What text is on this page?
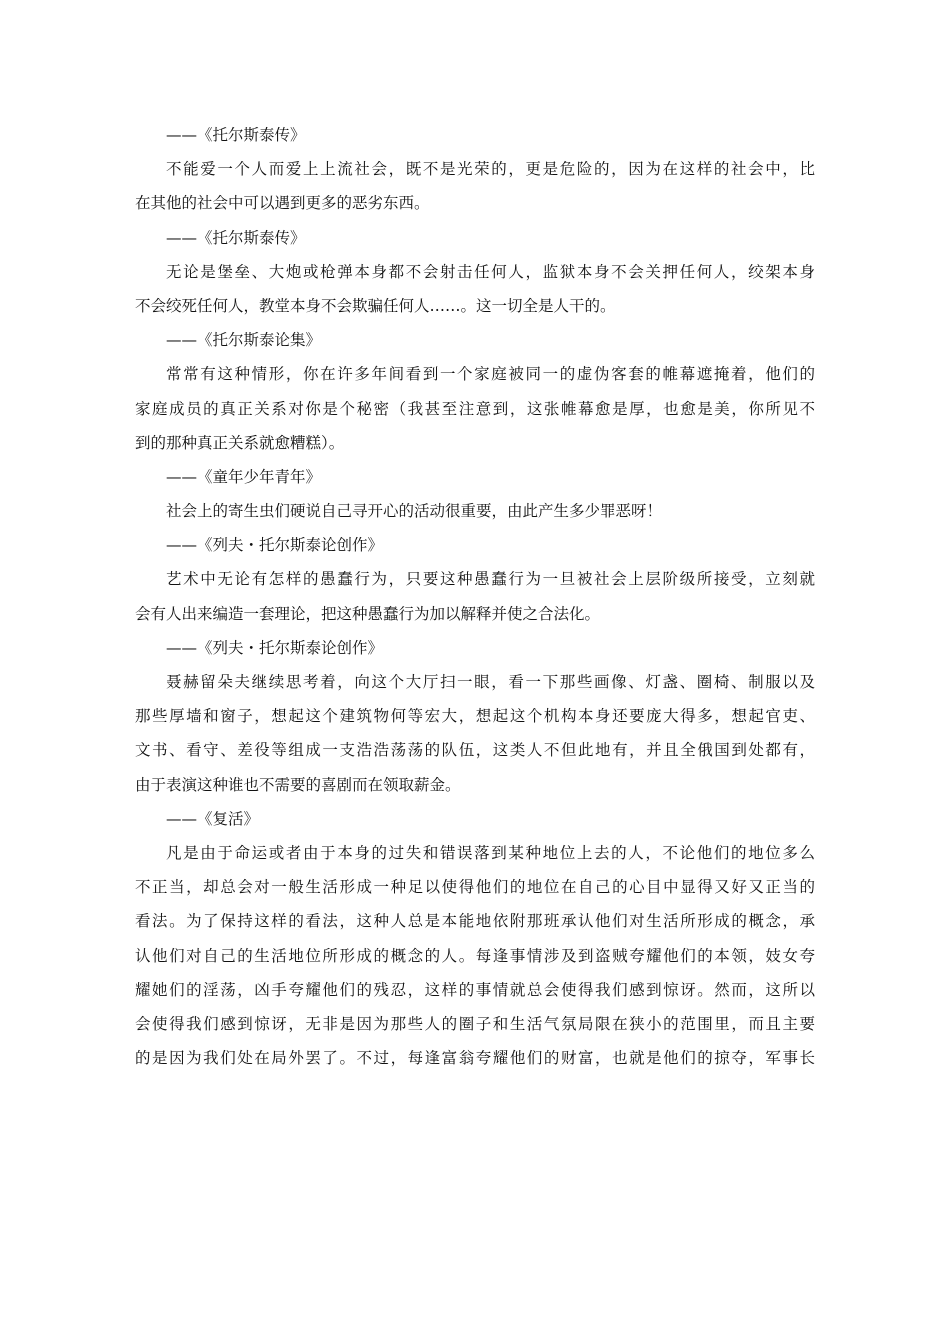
——《托尔斯泰传》
不能爱一个人而爱上上流社会，既不是光荣的，更是危险的，因为在这样的社会中，比
在其他的社会中可以遇到更多的恶劣东西。
——《托尔斯泰传》
无论是堡垒、大炮或枪弹本身都不会射击任何人，监狱本身不会关押任何人，绞架本身
不会绞死任何人，教堂本身不会欺骗任何人……。这一切全是人干的。
——《托尔斯泰论集》
常常有这种情形，你在许多年间看到一个家庭被同一的虚伪客套的帷幕遮掩着，他们的
家庭成员的真正关系对你是个秘密（我甚至注意到，这张帷幕愈是厚，也愈是美，你所见不
到的那种真正关系就愈糟糕）。
——《童年少年青年》
社会上的寄生虫们硬说自己寻开心的活动很重要，由此产生多少罪恶呀！
——《列夫・托尔斯泰论创作》
艺术中无论有怎样的愚蠢行为，只要这种愚蠢行为一旦被社会上层阶级所接受，立刻就
会有人出来编造一套理论，把这种愚蠢行为加以解释并使之合法化。
——《列夫・托尔斯泰论创作》
聂赫留朵夫继续思考着，向这个大厅扫一眼，看一下那些画像、灯盏、圈椅、制服以及
那些厚墙和窗子，想起这个建筑物何等宏大，想起这个机构本身还要庞大得多，想起官吏、
文书、看守、差役等组成一支浩浩荡荡的队伍，这类人不但此地有，并且全俄国到处都有，
由于表演这种谁也不需要的喜剧而在领取薪金。
——《复活》
凡是由于命运或者由于本身的过失和错误落到某种地位上去的人，不论他们的地位多么
不正当，却总会对一般生活形成一种足以使得他们的地位在自己的心目中显得又好又正当的
看法。为了保持这样的看法，这种人总是本能地依附那班承认他们对生活所形成的概念，承
认他们对自己的生活地位所形成的概念的人。每逢事情涉及到盗贼夸耀他们的本领，妓女夸
耀她们的淫荡，凶手夸耀他们的残忍，这样的事情就总会使得我们感到惊讶。然而，这所以
会使得我们感到惊讶，无非是因为那些人的圈子和生活气氛局限在狭小的范围里，而且主要
的是因为我们处在局外罢了。不过，每逢富翁夸耀他们的财富，也就是他们的掠夺，军事长
